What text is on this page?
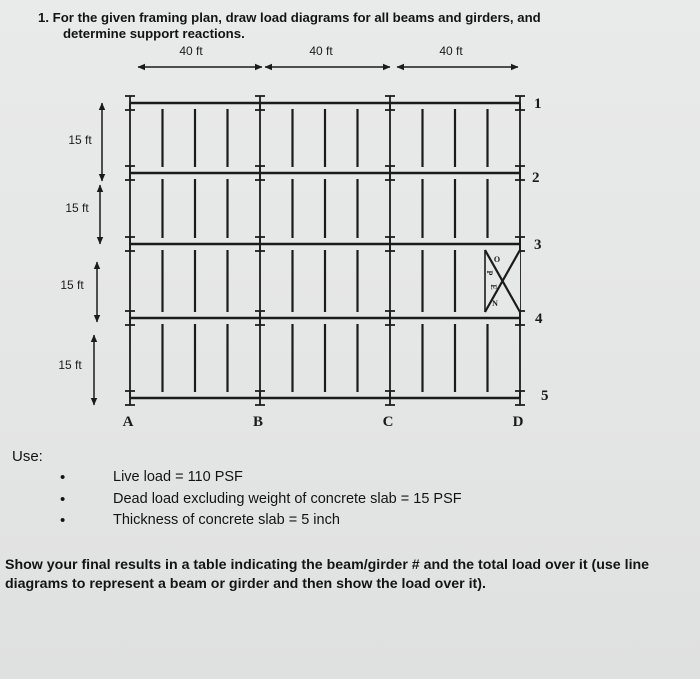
1. For the given framing plan, draw load diagrams for all beams and girders, and
determine support reactions.

40 ft	40 ft	40 ft
15 ft
15 ft
15 ft
15 ft
O
P
E
N
A	B	C	D
1
2
3
4
5
Use:
• Live load = 110 PSF
• Dead load excluding weight of concrete slab = 15 PSF
• Thickness of concrete slab = 5 inch

Show your final results in a table indicating the beam/girder # and the total load over it (use line diagrams to represent a beam or girder and then show the load over it).
